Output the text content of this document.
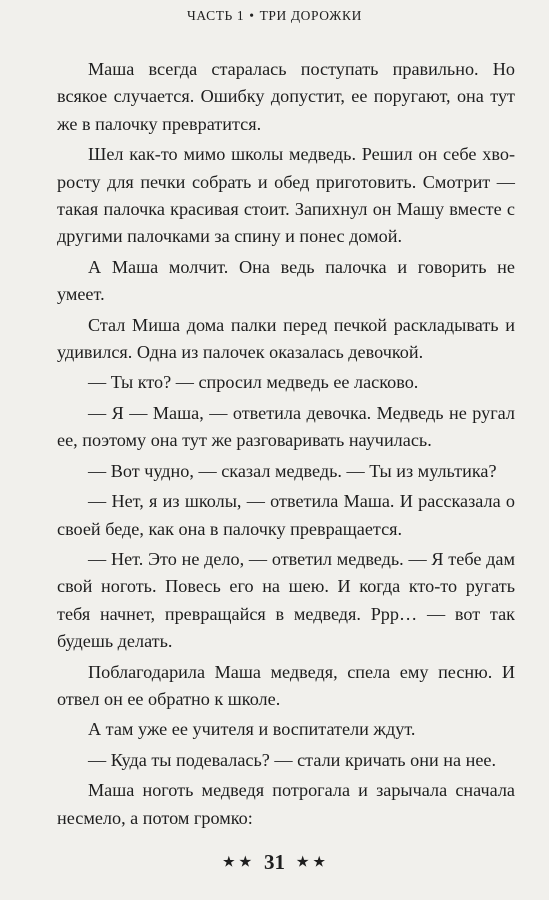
ЧАСТЬ 1 • ТРИ ДОРОЖКИ

Маша всегда старалась поступать правильно. Но всякое случается. Ошибку допустит, ее поругают, она тут же в палочку превратится.

Шел как-то мимо школы медведь. Решил он себе хворосту для печки собрать и обед приготовить. Смотрит — такая палочка красивая стоит. Запихнул он Машу вместе с другими палочками за спину и понес домой.

А Маша молчит. Она ведь палочка и говорить не умеет.

Стал Миша дома палки перед печкой раскладывать и удивился. Одна из палочек оказалась девочкой.

— Ты кто? — спросил медведь ее ласково.

— Я — Маша, — ответила девочка. Медведь не ругал ее, поэтому она тут же разговаривать научилась.

— Вот чудно, — сказал медведь. — Ты из мультика?

— Нет, я из школы, — ответила Маша. И рассказала о своей беде, как она в палочку превращается.

— Нет. Это не дело, — ответил медведь. — Я тебе дам свой ноготь. Повесь его на шею. И когда кто-то ругать тебя начнет, превращайся в медведя. Ррр… — вот так будешь делать.

Поблагодарила Маша медведя, спела ему песню. И отвел он ее обратно к школе.

А там уже ее учителя и воспитатели ждут.

— Куда ты подевалась? — стали кричать они на нее.

Маша ноготь медведя потрогала и зарычала сначала несмело, а потом громко:

★ ✭ 31 ✭ ★
